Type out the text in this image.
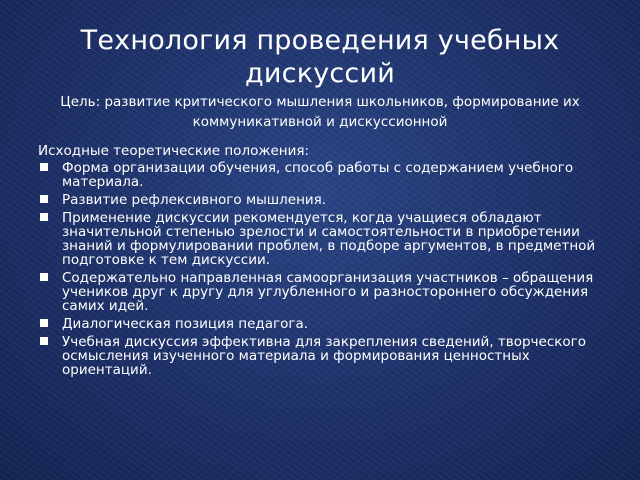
Технология проведения учебных дискуссий

Цель: развитие критического мышления школьников, формирование их коммуникативной и дискуссионной

Исходные теоретические положения:

Форма организации обучения, способ работы с содержанием учебного материала.
Развитие рефлексивного мышления.
Применение дискуссии рекомендуется, когда учащиеся обладают значительной степенью зрелости и самостоятельности в приобретении знаний и формулировании проблем, в подборе аргументов, в предметной подготовке к тем дискуссии.
Содержательно направленная самоорганизация участников – обращения учеников друг к другу для углубленного и разностороннего обсуждения самих идей.
Диалогическая позиция педагога.
Учебная дискуссия эффективна для закрепления сведений, творческого осмысления изученного материала и формирования ценностных ориентаций.
